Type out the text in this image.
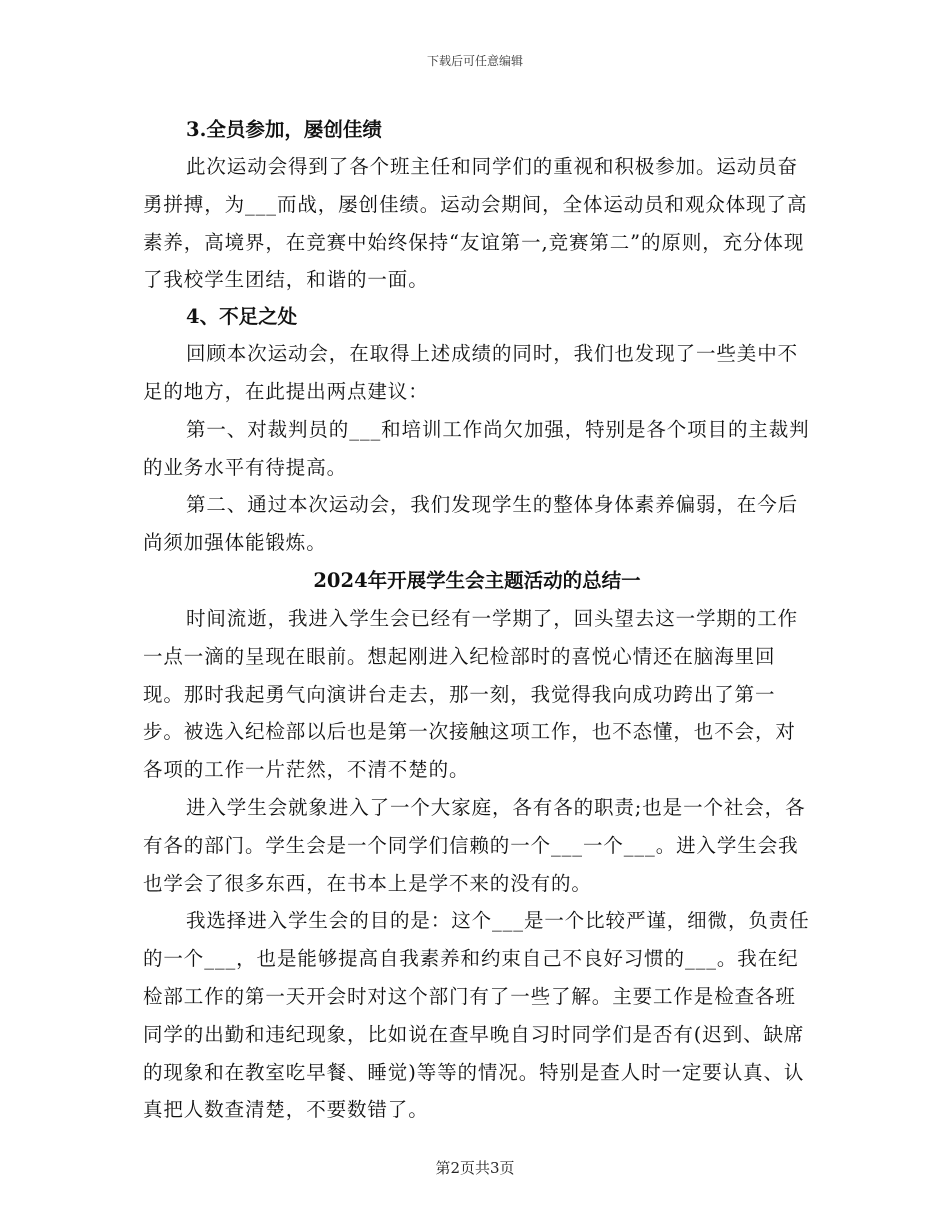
下载后可任意编辑

3.全员参加，屡创佳绩

此次运动会得到了各个班主任和同学们的重视和积极参加。运动员奋勇拼搏，为___而战，屡创佳绩。运动会期间，全体运动员和观众体现了高素养，高境界，在竞赛中始终保持“友谊第一,竞赛第二”的原则，充分体现了我校学生团结，和谐的一面。

4、不足之处

回顾本次运动会，在取得上述成绩的同时，我们也发现了一些美中不足的地方，在此提出两点建议：

第一、对裁判员的___和培训工作尚欠加强，特别是各个项目的主裁判的业务水平有待提高。

第二、通过本次运动会，我们发现学生的整体身体素养偏弱，在今后尚须加强体能锻炼。

2024年开展学生会主题活动的总结一

时间流逝，我进入学生会已经有一学期了，回头望去这一学期的工作一点一滴的呈现在眼前。想起刚进入纪检部时的喜悦心情还在脑海里回现。那时我起勇气向演讲台走去，那一刻，我觉得我向成功跨出了第一步。被选入纪检部以后也是第一次接触这项工作，也不态懂，也不会，对各项的工作一片茫然，不清不楚的。

进入学生会就象进入了一个大家庭，各有各的职责;也是一个社会，各有各的部门。学生会是一个同学们信赖的一个___一个___。进入学生会我也学会了很多东西，在书本上是学不来的没有的。

我选择进入学生会的目的是：这个___是一个比较严谨，细微，负责任的一个___，也是能够提高自我素养和约束自己不良好习惯的___。我在纪检部工作的第一天开会时对这个部门有了一些了解。主要工作是检查各班同学的出勤和违纪现象，比如说在查早晚自习时同学们是否有(迟到、缺席的现象和在教室吃早餐、睡觉)等等的情况。特别是查人时一定要认真、认真把人数查清楚，不要数错了。

第2页共3页
